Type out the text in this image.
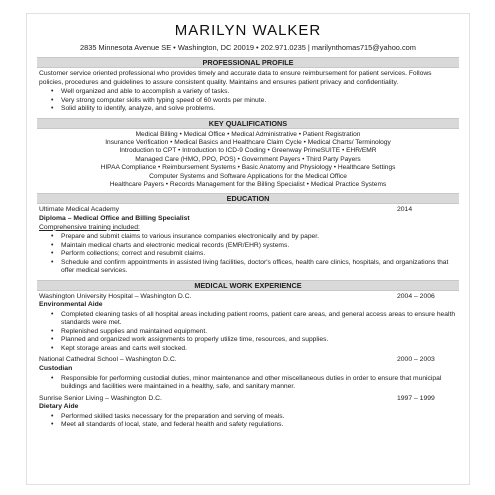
MARILYN WALKER
2835 Minnesota Avenue SE • Washington, DC 20019 • 202.971.0235 | marilynthomas715@yahoo.com
PROFESSIONAL PROFILE
Customer service oriented professional who provides timely and accurate data to ensure reimbursement for patient services. Follows policies, procedures and guidelines to assure consistent quality. Maintains and ensures patient privacy and confidentiality.
• Well organized and able to accomplish a variety of tasks.
• Very strong computer skills with typing speed of 60 words per minute.
• Solid ability to identify, analyze, and solve problems.
KEY QUALIFICATIONS
Medical Billing • Medical Office • Medical Administrative • Patient Registration
Insurance Verification • Medical Basics and Healthcare Claim Cycle • Medical Charts/ Terminology
Introduction to CPT • Introduction to ICD-9 Coding • Greenway PrimeSUITE • EHR/EMR
Managed Care (HMO, PPO, POS) • Government Payers • Third Party Payers
HIPAA Compliance • Reimbursement Systems • Basic Anatomy and Physiology • Healthcare Settings
Computer Systems and Software Applications for the Medical Office
Healthcare Payers • Records Management for the Billing Specialist • Medical Practice Systems
EDUCATION
Ultimate Medical Academy	2014
Diploma – Medical Office and Billing Specialist
Comprehensive training included:
• Prepare and submit claims to various insurance companies electronically and by paper.
• Maintain medical charts and electronic medical records (EMR/EHR) systems.
• Perform collections; correct and resubmit claims.
• Schedule and confirm appointments in assisted living facilities, doctor's offices, health care clinics, hospitals, and organizations that offer medical services.
MEDICAL WORK EXPERIENCE
Washington University Hospital – Washington D.C.	2004 – 2006
Environmental Aide
• Completed cleaning tasks of all hospital areas including patient rooms, patient care areas, and general access areas to ensure health standards were met.
• Replenished supplies and maintained equipment.
• Planned and organized work assignments to properly utilize time, resources, and supplies.
• Kept storage areas and carts well stocked.
National Cathedral School – Washington D.C.	2000 – 2003
Custodian
• Responsible for performing custodial duties, minor maintenance and other miscellaneous duties in order to ensure that municipal buildings and facilities were maintained in a healthy, safe, and sanitary manner.
Sunrise Senior Living – Washington D.C.	1997 – 1999
Dietary Aide
• Performed skilled tasks necessary for the preparation and serving of meals.
• Meet all standards of local, state, and federal health and safety regulations.
